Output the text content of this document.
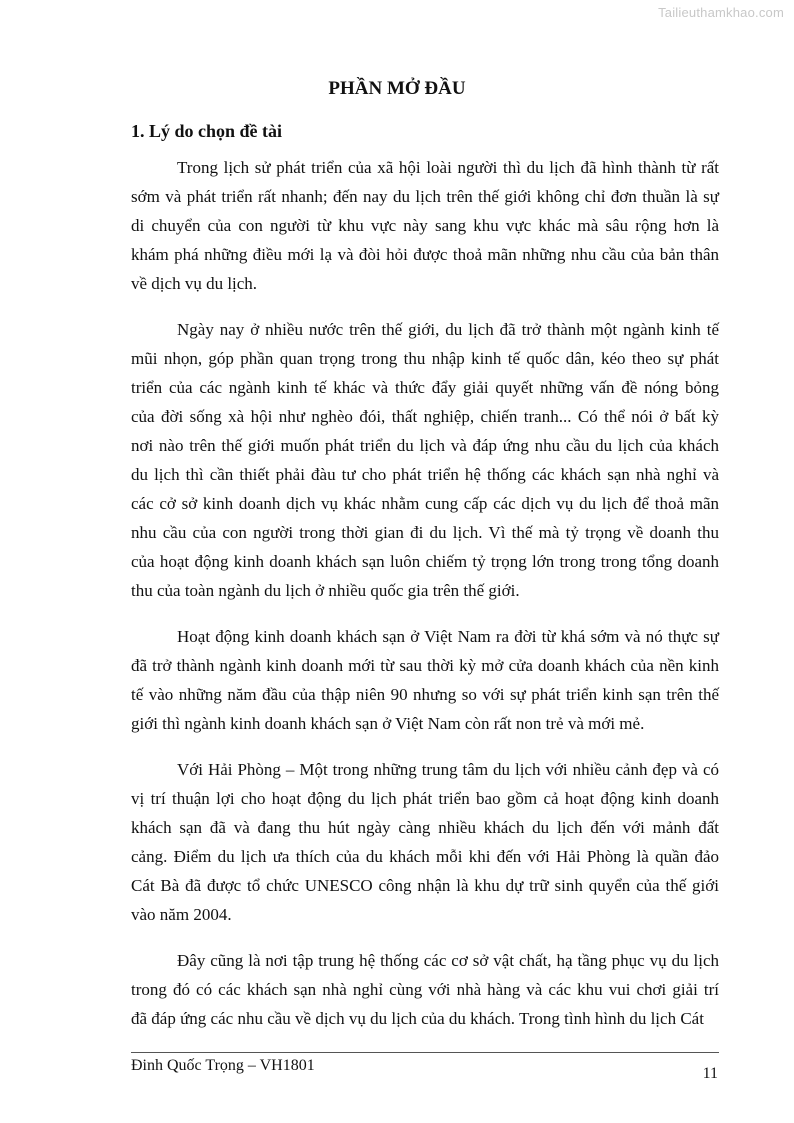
Tailieuthamkhao.com
PHẦN MỞ ĐẦU
1. Lý do chọn đề tài
Trong lịch sử phát triển của xã hội loài người thì du lịch đã hình thành từ rất
sớm và phát triển rất nhanh; đến nay du lịch trên thế giới không chỉ đơn thuần là sự
di chuyển của con người từ khu vực này sang khu vực khác mà sâu rộng hơn là
khám phá những điều mới lạ và đòi hỏi được thoả mãn những nhu cầu của bản thân
về dịch vụ du lịch.
Ngày nay ở nhiều nước trên thế giới, du lịch đã trở thành một ngành kinh tế
mũi nhọn, góp phần quan trọng trong thu nhập kinh tế quốc dân, kéo theo sự phát
triển của các ngành kinh tế khác và thức đẩy giải quyết những vấn đề nóng bỏng
của đời sống xà hội như nghèo đói, thất nghiệp, chiến tranh... Có thể nói ở bất kỳ
nơi nào trên thế giới muốn phát triển du lịch và đáp ứng nhu cầu du lịch của khách
du lịch thì cần thiết phải đàu tư cho phát triển hệ thống các khách sạn nhà nghỉ và
các cở sở kinh doanh dịch vụ khác nhằm cung cấp các dịch vụ du lịch để thoả mãn
nhu cầu của con người trong thời gian đi du lịch. Vì thế mà tỷ trọng về doanh thu
của hoạt động kinh doanh khách sạn luôn chiếm tỷ trọng lớn trong trong tổng doanh
thu của toàn ngành du lịch ở nhiều quốc gia trên thế giới.
Hoạt động kinh doanh khách sạn ở Việt Nam ra đời từ khá sớm và nó thực sự
đã trở thành ngành kinh doanh mới từ sau thời kỳ mở cửa doanh khách của nền kinh
tế vào những năm đầu của thập niên 90 nhưng so với sự phát triển kinh sạn trên thế
giới thì ngành kinh doanh khách sạn ở Việt Nam còn rất non trẻ và mới mẻ.
Với Hải Phòng – Một trong những trung tâm du lịch với nhiều cảnh đẹp và có
vị trí thuận lợi cho hoạt động du lịch phát triển bao gồm cả hoạt động kinh doanh
khách sạn đã và đang thu hút ngày càng nhiều khách du lịch đến với mảnh đất
cảng. Điểm du lịch ưa thích của du khách mỗi khi đến với Hải Phòng là quần đảo
Cát Bà đã được tổ chức UNESCO công nhận là khu dự trữ sinh quyển của thế giới
vào năm 2004.
Đây cũng là nơi tập trung hệ thống các cơ sở vật chất, hạ tầng phục vụ du lịch
trong đó có các khách sạn nhà nghỉ cùng với nhà hàng và các khu vui chơi giải trí
đã đáp ứng các nhu cầu về dịch vụ du lịch của du khách. Trong tình hình du lịch Cát
Đinh Quốc Trọng – VH1801	11
